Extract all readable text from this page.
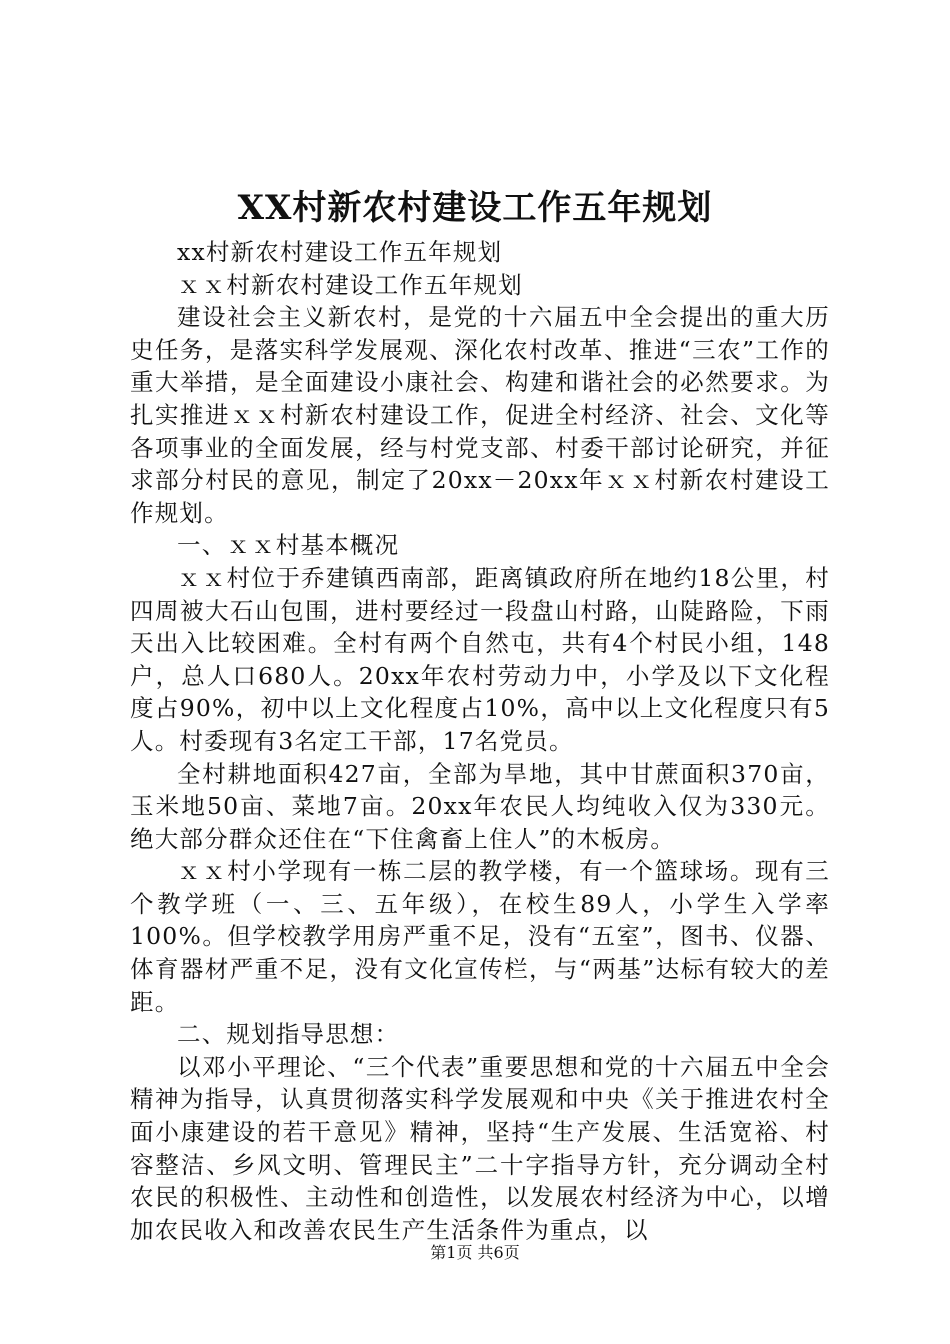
XX村新农村建设工作五年规划

xx村新农村建设工作五年规划

ｘｘ村新农村建设工作五年规划

建设社会主义新农村，是党的十六届五中全会提出的重大历史任务，是落实科学发展观、深化农村改革、推进“三农”工作的重大举措，是全面建设小康社会、构建和谐社会的必然要求。为扎实推进ｘｘ村新农村建设工作，促进全村经济、社会、文化等各项事业的全面发展，经与村党支部、村委干部讨论研究，并征求部分村民的意见，制定了20xx－20xx年ｘｘ村新农村建设工作规划。

一、ｘｘ村基本概况

ｘｘ村位于乔建镇西南部，距离镇政府所在地约18公里，村四周被大石山包围，进村要经过一段盘山村路，山陡路险，下雨天出入比较困难。全村有两个自然屯，共有4个村民小组，148户，总人口680人。20xx年农村劳动力中，小学及以下文化程度占90%，初中以上文化程度占10%，高中以上文化程度只有5人。村委现有3名定工干部，17名党员。

全村耕地面积427亩，全部为旱地，其中甘蔗面积370亩，玉米地50亩、菜地7亩。20xx年农民人均纯收入仅为330元。绝大部分群众还住在“下住禽畜上住人”的木板房。

ｘｘ村小学现有一栋二层的教学楼，有一个篮球场。现有三个教学班（一、三、五年级），在校生89人，小学生入学率100%。但学校教学用房严重不足，没有“五室”，图书、仪器、体育器材严重不足，没有文化宣传栏，与“两基”达标有较大的差距。

二、规划指导思想：

以邓小平理论、“三个代表”重要思想和党的十六届五中全会精神为指导，认真贯彻落实科学发展观和中央《关于推进农村全面小康建设的若干意见》精神，坚持“生产发展、生活宽裕、村容整洁、乡风文明、管理民主”二十字指导方针，充分调动全村农民的积极性、主动性和创造性，以发展农村经济为中心，以增加农民收入和改善农民生产生活条件为重点，以

第1页 共6页
